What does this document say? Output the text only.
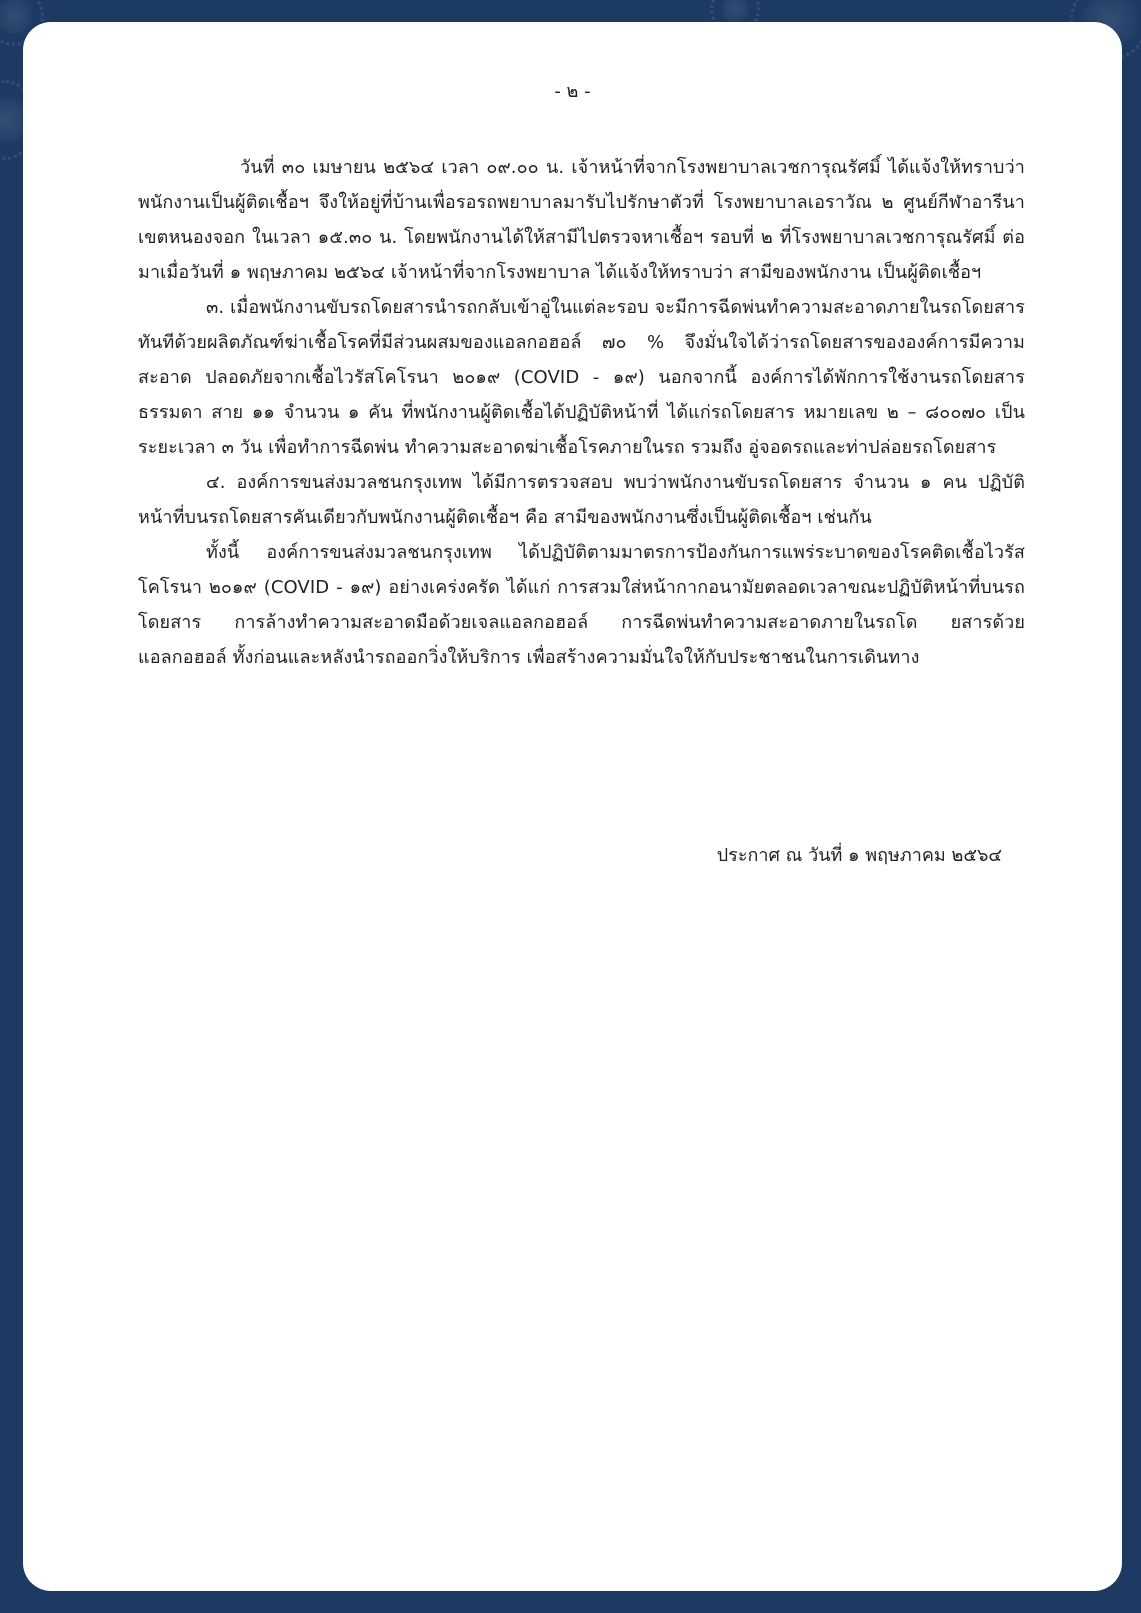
- ๒ -

วันที่ ๓๐ เมษายน ๒๕๖๔ เวลา ๐๙.๐๐ น. เจ้าหน้าที่จากโรงพยาบาลเวชการุณรัศมิ์ ได้แจ้งให้ทราบว่า พนักงานเป็นผู้ติดเชื้อฯ จึงให้อยู่ที่บ้านเพื่อรอรถพยาบาลมารับไปรักษาตัวที่ โรงพยาบาลเอราวัณ ๒ ศูนย์กีฬาอารีนา เขตหนองจอก ในเวลา ๑๕.๓๐ น. โดยพนักงานได้ให้สามีไปตรวจหาเชื้อฯ รอบที่ ๒ ที่โรงพยาบาลเวชการุณรัศมิ์ ต่อมาเมื่อวันที่ ๑ พฤษภาคม ๒๕๖๔ เจ้าหน้าที่จากโรงพยาบาล ได้แจ้งให้ทราบว่า สามีของพนักงาน เป็นผู้ติดเชื้อฯ

๓. เมื่อพนักงานขับรถโดยสารนำรถกลับเข้าอู่ในแต่ละรอบ จะมีการฉีดพ่นทำความสะอาดภายในรถโดยสารทันทีด้วยผลิตภัณฑ์ฆ่าเชื้อโรคที่มีส่วนผสมของแอลกอฮอล์ ๗๐ % จึงมั่นใจได้ว่ารถโดยสารขององค์การมีความสะอาด ปลอดภัยจากเชื้อไวรัสโคโรนา ๒๐๑๙ (COVID - ๑๙) นอกจากนี้ องค์การได้พักการใช้งานรถโดยสารธรรมดา สาย ๑๑ จำนวน ๑ คัน ที่พนักงานผู้ติดเชื้อได้ปฏิบัติหน้าที่ ได้แก่รถโดยสาร หมายเลข ๒ – ๘๐๐๗๐ เป็นระยะเวลา ๓ วัน เพื่อทำการฉีดพ่น ทำความสะอาดฆ่าเชื้อโรคภายในรถ รวมถึง อู่จอดรถและท่าปล่อยรถโดยสาร

๔. องค์การขนส่งมวลชนกรุงเทพ ได้มีการตรวจสอบ พบว่าพนักงานขับรถโดยสาร จำนวน ๑ คน ปฏิบัติหน้าที่บนรถโดยสารคันเดียวกับพนักงานผู้ติดเชื้อฯ คือ สามีของพนักงานซึ่งเป็นผู้ติดเชื้อฯ เช่นกัน

ทั้งนี้ องค์การขนส่งมวลชนกรุงเทพ ได้ปฏิบัติตามมาตรการป้องกันการแพร่ระบาดของโรคติดเชื้อไวรัสโคโรนา ๒๐๑๙ (COVID - ๑๙) อย่างเคร่งครัด ได้แก่ การสวมใส่หน้ากากอนามัยตลอดเวลาขณะปฏิบัติหน้าที่บนรถโดยสาร การล้างทำความสะอาดมือด้วยเจลแอลกอฮอล์ การฉีดพ่นทำความสะอาดภายในรถโด ยสารด้วยแอลกอฮอล์ ทั้งก่อนและหลังนำรถออกวิ่งให้บริการ เพื่อสร้างความมั่นใจให้กับประชาชนในการเดินทาง

ประกาศ ณ วันที่ ๑ พฤษภาคม ๒๕๖๔
